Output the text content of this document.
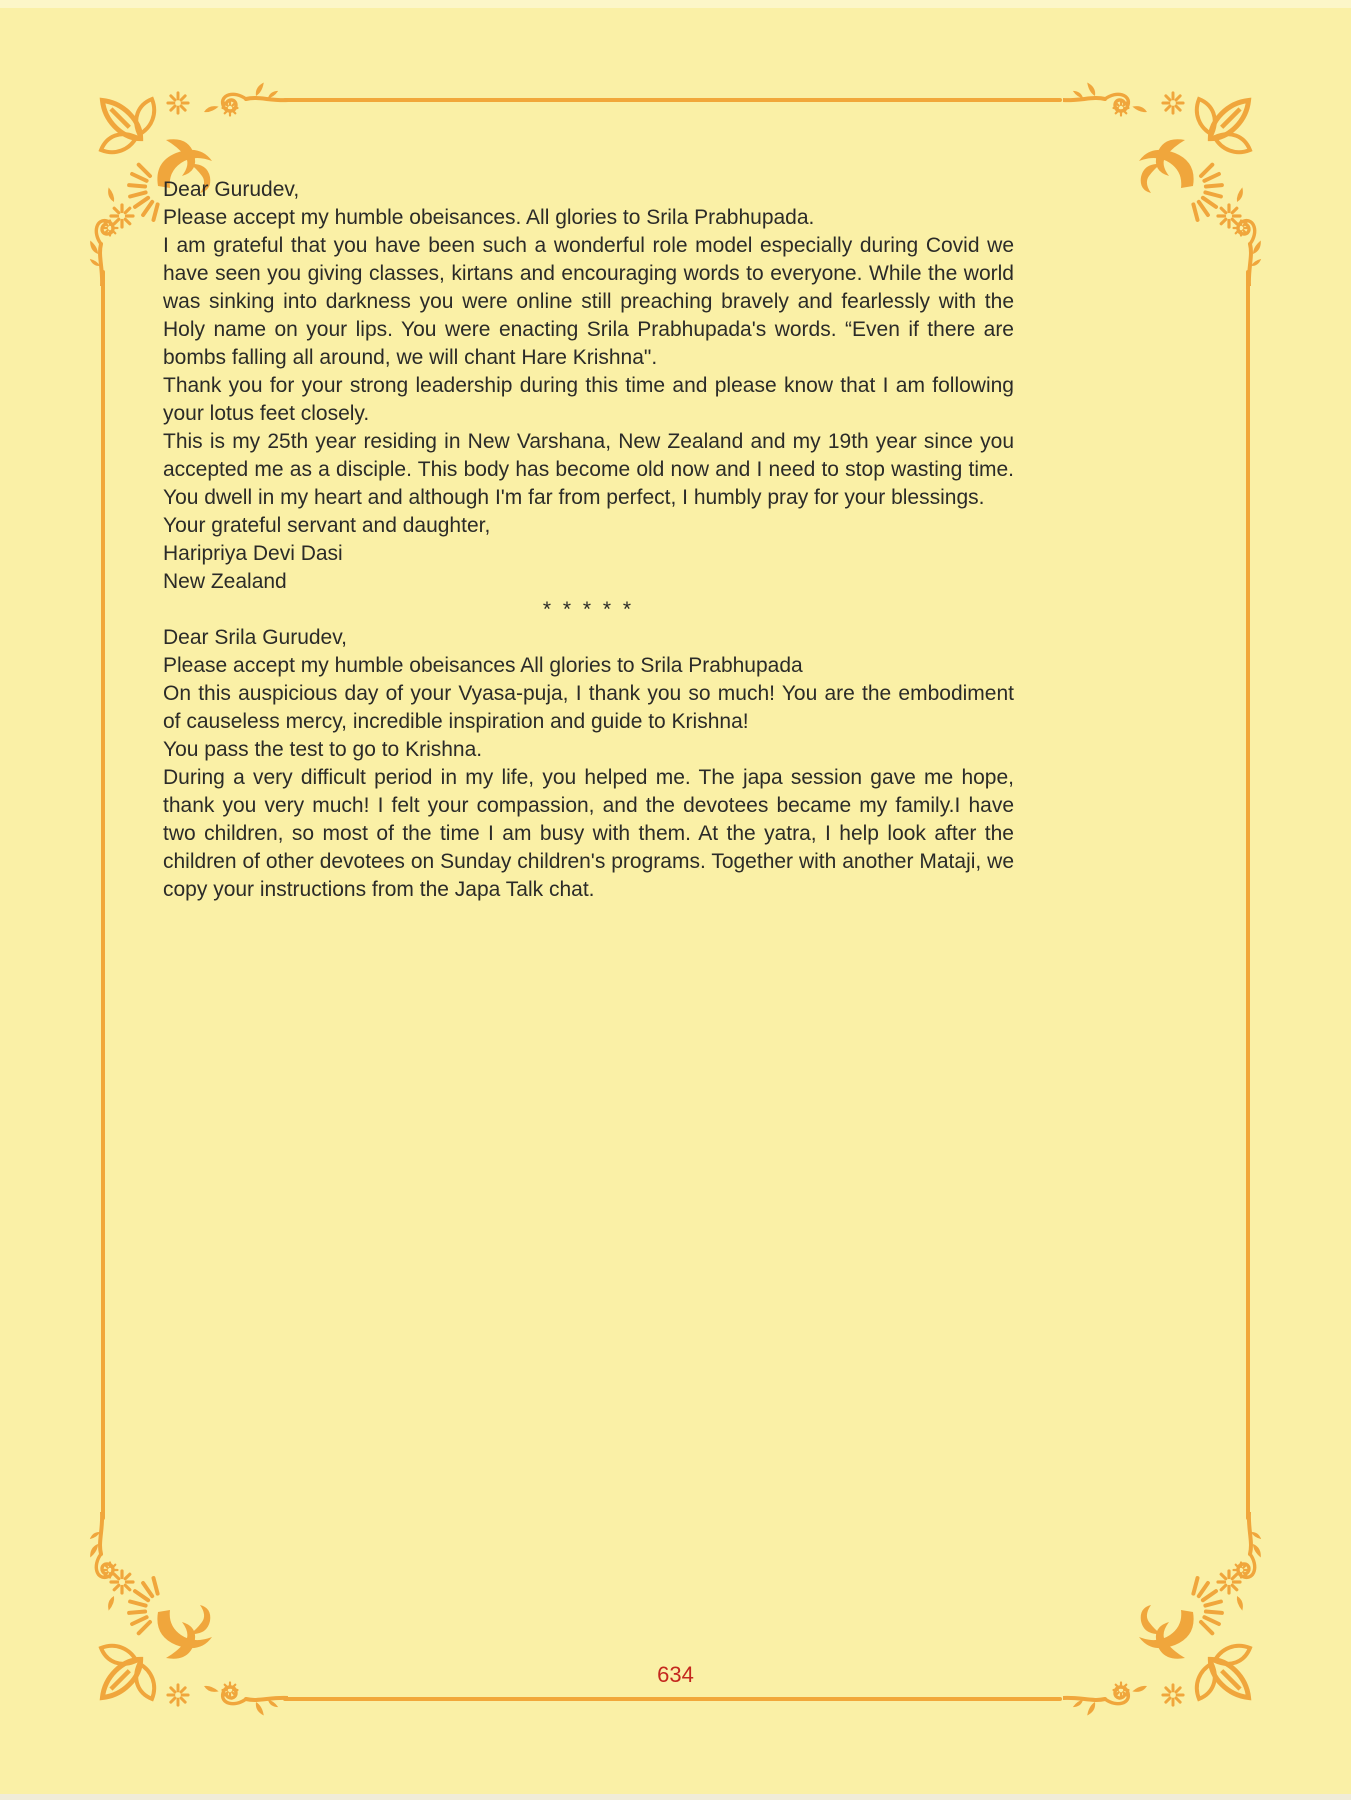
Dear Gurudev,

Please accept my humble obeisances. All glories to Srila Prabhupada.

I am grateful that you have been such a wonderful role model especially during Covid we have seen you giving classes, kirtans and encouraging words to everyone. While the world was sinking into darkness you were online still preaching bravely and fearlessly with the Holy name on your lips. You were enacting Srila Prabhupada's words. “Even if there are bombs falling all around, we will chant Hare Krishna".

Thank you for your strong leadership during this time and please know that I am following your lotus feet closely.

This is my 25th year residing in New Varshana, New Zealand and my 19th year since you accepted me as a disciple. This body has become old now and I need to stop wasting time. You dwell in my heart and although I'm far from perfect, I humbly pray for your blessings.

Your grateful servant and daughter,

Haripriya Devi Dasi

New Zealand

* * * * *

Dear Srila Gurudev,

Please accept my humble obeisances All glories to Srila Prabhupada

On this auspicious day of your Vyasa-puja, I thank you so much! You are the embodiment of causeless mercy, incredible inspiration and guide to Krishna!

You pass the test to go to Krishna.

During a very difficult period in my life, you helped me. The japa session gave me hope, thank you very much! I felt your compassion, and the devotees became my family.I have two children, so most of the time I am busy with them. At the yatra, I help look after the children of other devotees on Sunday children's programs. Together with another Mataji, we copy your instructions from the Japa Talk chat.

634
